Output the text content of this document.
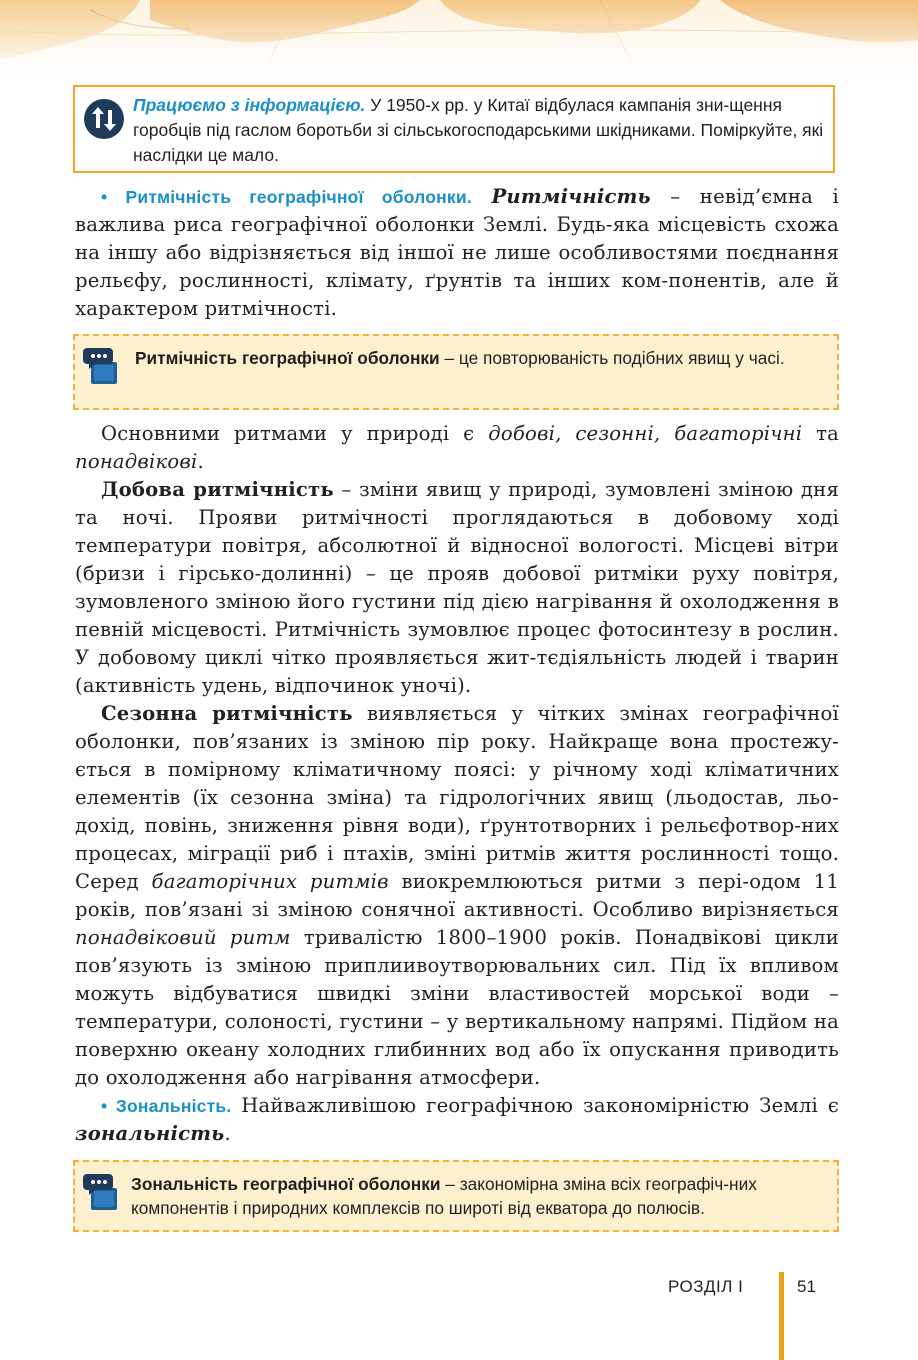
Працюємо з інформацією. У 1950-х рр. у Китаї відбулася кампанія зни-щення горобців під гаслом боротьби зі сільськогосподарськими шкідниками. Поміркуйте, які наслідки це мало.

• Ритмічність географічної оболонки. Ритмічність – невід’ємна і важлива риса географічної оболонки Землі. Будь-яка місцевість схожа на іншу або відрізняється від іншої не лише особливостями поєднання рельєфу, рослинності, клімату, ґрунтів та інших ком-понентів, але й характером ритмічності.

Ритмічність географічної оболонки – це повторюваність подібних явищ у часі.

Основними ритмами у природі є добові, сезонні, багаторічні та понадвікові.

Добова ритмічність – зміни явищ у природі, зумовлені зміною дня та ночі. Прояви ритмічності проглядаються в добовому ході температури повітря, абсолютної й відносної вологості. Місцеві вітри (бризи і гірсько-долинні) – це прояв добової ритміки руху повітря, зумовленого зміною його густини під дією нагрівання й охолодження в певній місцевості. Ритмічність зумовлює процес фотосинтезу в рослин. У добовому циклі чітко проявляється жит-тєдіяльність людей і тварин (активність удень, відпочинок уночі).

Сезонна ритмічність виявляється у чітких змінах географічної оболонки, пов’язаних із зміною пір року. Найкраще вона простежу-ється в помірному кліматичному поясі: у річному ході кліматичних елементів (їх сезонна зміна) та гідрологічних явищ (льодостав, льо-дохід, повінь, зниження рівня води), ґрунтотворних і рельєфотвор-них процесах, міграції риб і птахів, зміні ритмів життя рослинності тощо. Серед багаторічних ритмів виокремлюються ритми з пері-одом 11 років, пов’язані зі зміною сонячної активності. Особливо вирізняється понадвіковий ритм тривалістю 1800–1900 років. Понадвікові цикли пов’язують із зміною приплиивоутворювальних сил. Під їх впливом можуть відбуватися швидкі зміни властивостей морської води – температури, солоності, густини – у вертикальному напрямі. Підйом на поверхню океану холодних глибинних вод або їх опускання приводить до охолодження або нагрівання атмосфери.

• Зональність. Найважливішою географічною закономірністю Землі є зональність.

Зональність географічної оболонки – закономірна зміна всіх географіч-них компонентів і природних комплексів по широті від екватора до полюсів.
РОЗДІЛ I	51
